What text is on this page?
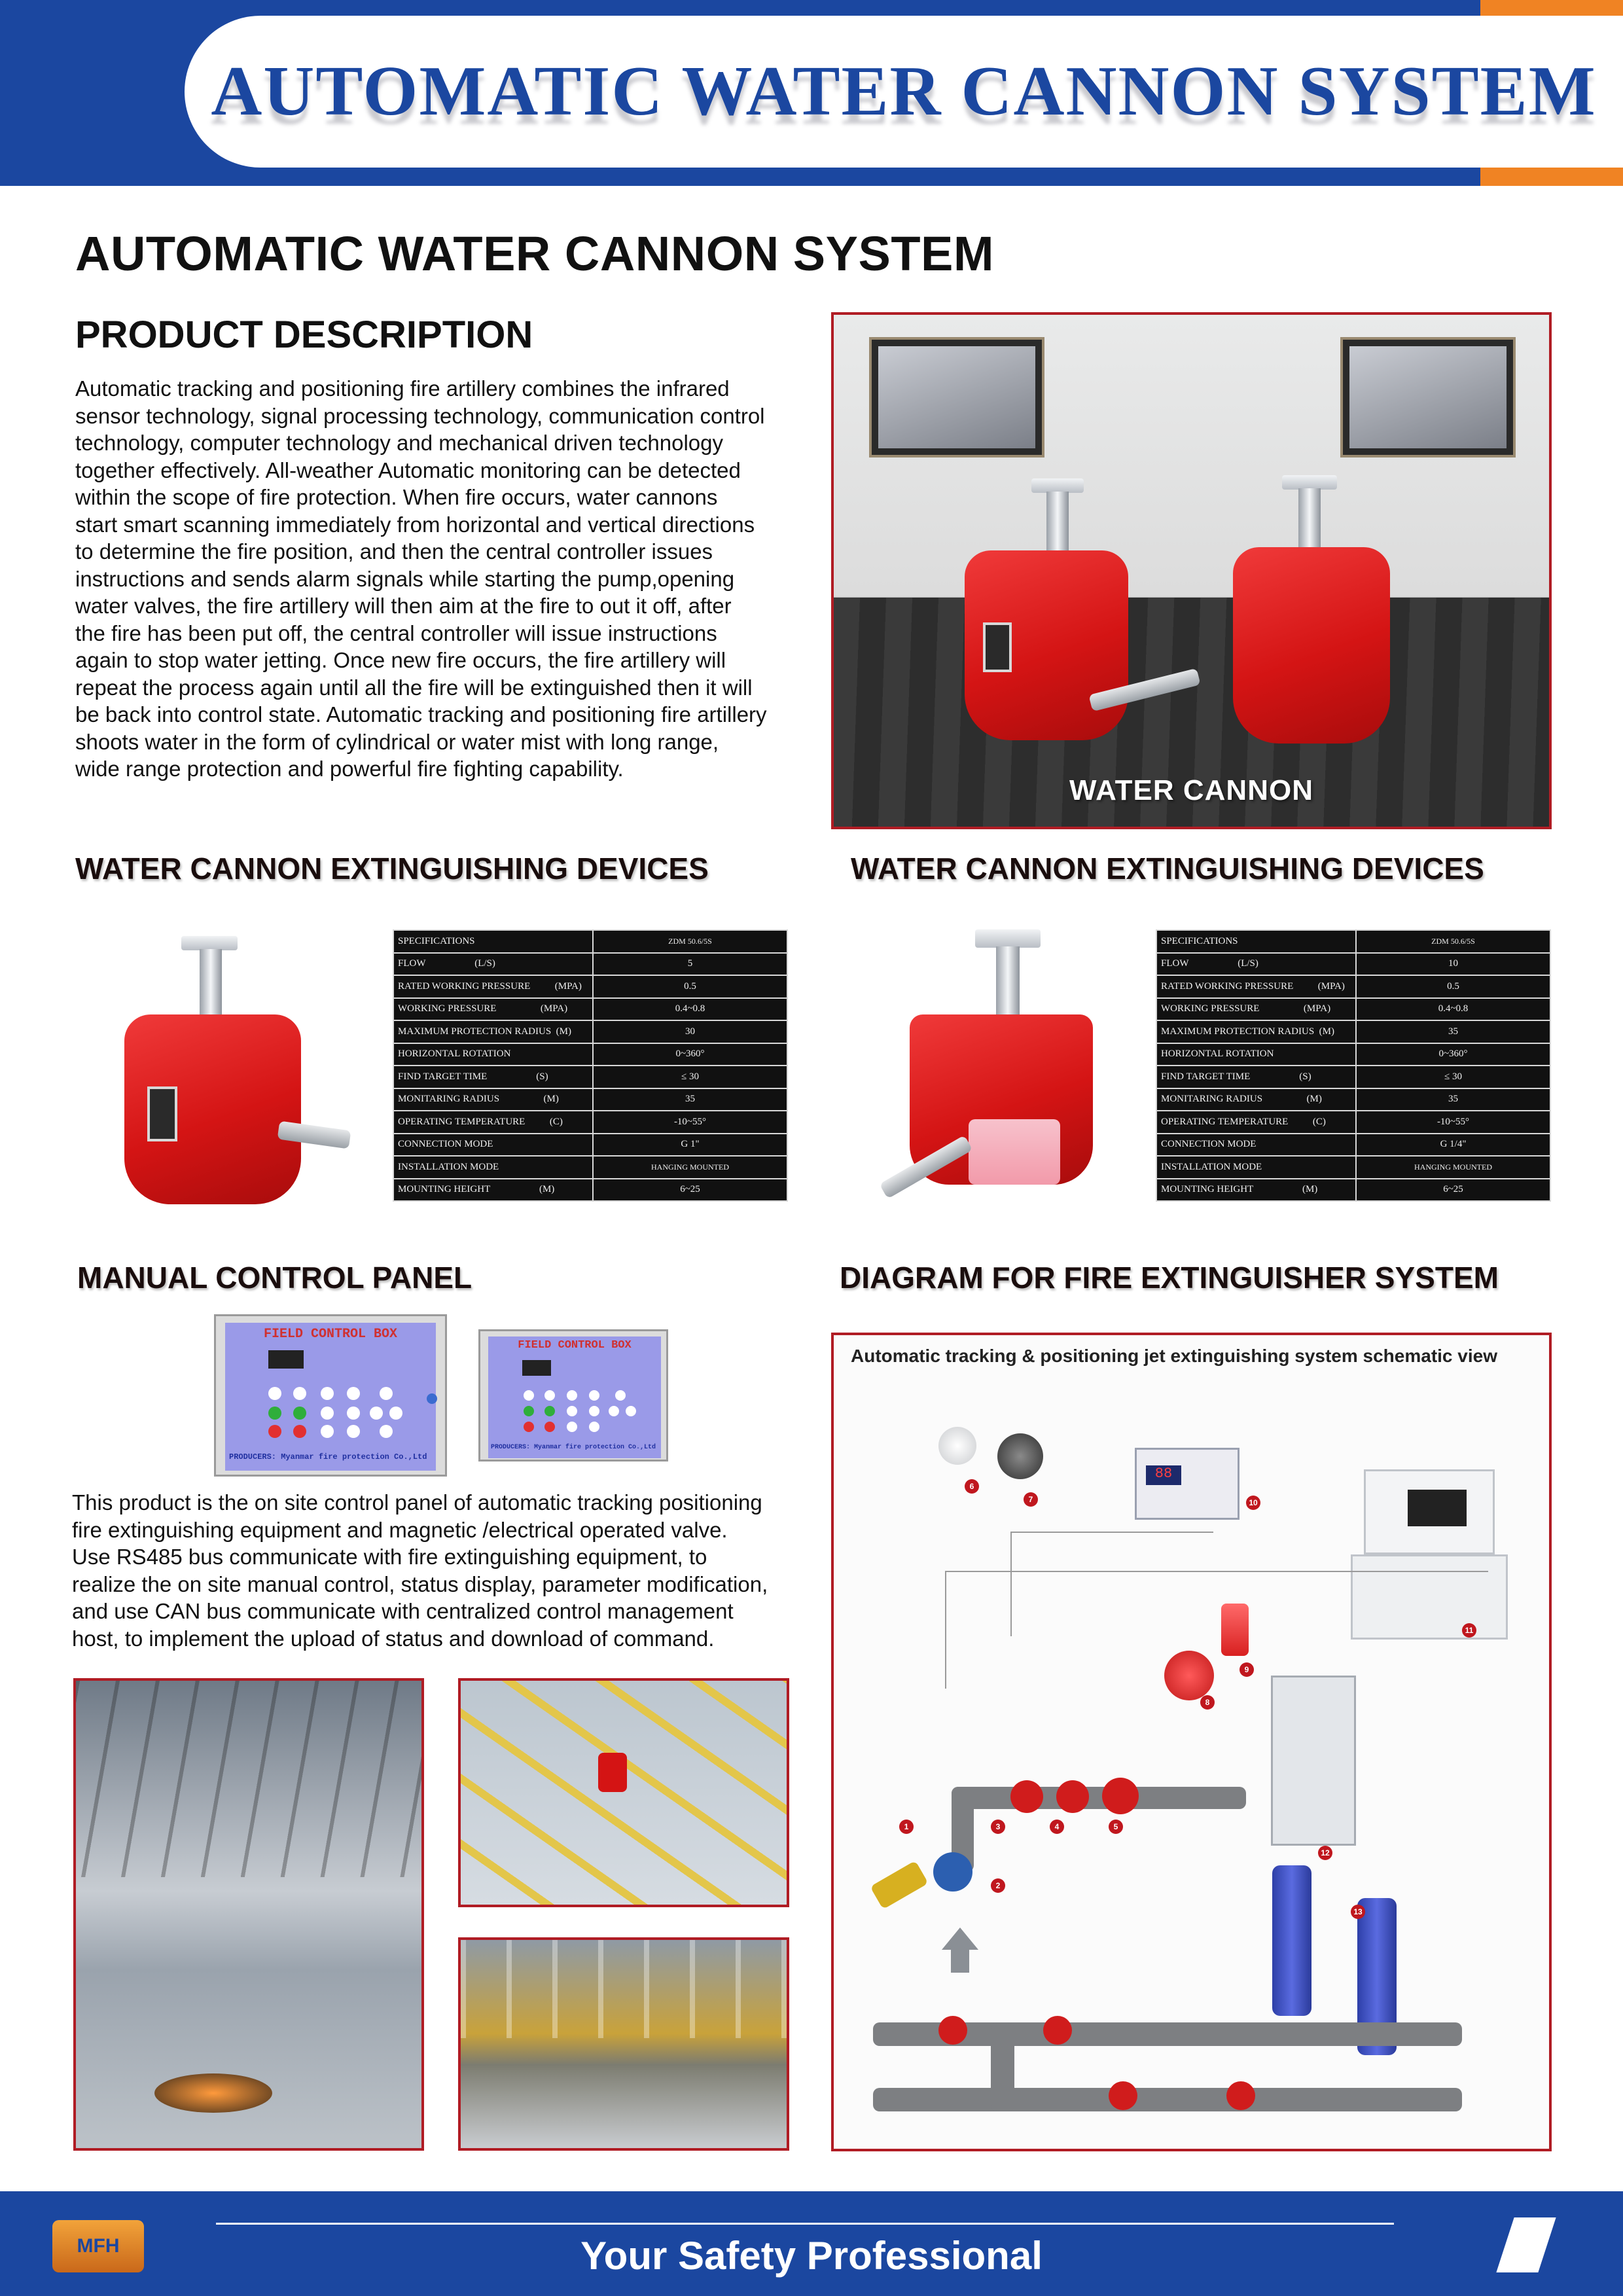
AUTOMATIC WATER CANNON SYSTEM
AUTOMATIC WATER CANNON SYSTEM
PRODUCT DESCRIPTION
Automatic tracking and positioning fire artillery combines the infrared
sensor technology, signal processing technology, communication control
technology, computer technology and mechanical driven technology
together effectively. All-weather Automatic monitoring can be detected
within the scope of fire protection. When fire occurs, water cannons
start smart scanning immediately from horizontal and vertical directions
to determine the fire position, and then the central controller issues
instructions and sends alarm signals while starting the pump,opening
water valves, the fire artillery will then aim at the fire to out it off, after
the fire has been put off, the central controller will issue instructions
again to stop water jetting. Once new fire occurs, the fire artillery will
repeat the process again until all the fire will be extinguished then it will
be back into control state. Automatic tracking and positioning fire artillery
shoots water in the form of cylindrical or water mist with long range,
wide range protection and powerful fire fighting capability.
WATER CANNON
WATER CANNON EXTINGUISHING DEVICES	WATER CANNON EXTINGUISHING DEVICES
SPECIFICATIONS	ZDM 50.6/5S
FLOW                    (L/S)	5
RATED WORKING PRESSURE          (MPA)	0.5
WORKING PRESSURE                  (MPA)	0.4~0.8
MAXIMUM PROTECTION RADIUS  (M)	30
HORIZONTAL ROTATION	0~360°
FIND TARGET TIME                    (S)	≤ 30
MONITARING RADIUS                  (M)	35
OPERATING TEMPERATURE          (C)	-10~55°
CONNECTION MODE	G 1"
INSTALLATION MODE	HANGING MOUNTED
MOUNTING HEIGHT                    (M)	6~25
SPECIFICATIONS	ZDM 50.6/5S
FLOW                    (L/S)	10
RATED WORKING PRESSURE          (MPA)	0.5
WORKING PRESSURE                  (MPA)	0.4~0.8
MAXIMUM PROTECTION RADIUS  (M)	35
HORIZONTAL ROTATION	0~360°
FIND TARGET TIME                    (S)	≤ 30
MONITARING RADIUS                  (M)	35
OPERATING TEMPERATURE          (C)	-10~55°
CONNECTION MODE	G 1/4"
INSTALLATION MODE	HANGING MOUNTED
MOUNTING HEIGHT                    (M)	6~25
MANUAL CONTROL PANEL	DIAGRAM FOR FIRE EXTINGUISHER SYSTEM
FIELD CONTROL BOX
PRODUCERS: Myanmar fire protection Co.,Ltd
FIELD CONTROL BOX
PRODUCERS: Myanmar fire protection Co.,Ltd
This product is the on site control panel of automatic tracking positioning
fire extinguishing equipment and magnetic /electrical operated valve.
Use RS485 bus communicate with fire extinguishing equipment, to
realize the on site manual control, status display, parameter modification,
and use CAN bus communicate with centralized control management
host, to implement the upload of status and download of command.
Automatic tracking & positioning jet extinguishing system schematic view
88
1
2
3	4	5
6
7
8
9
10
11
12
13
MFH	Your Safety Professional
